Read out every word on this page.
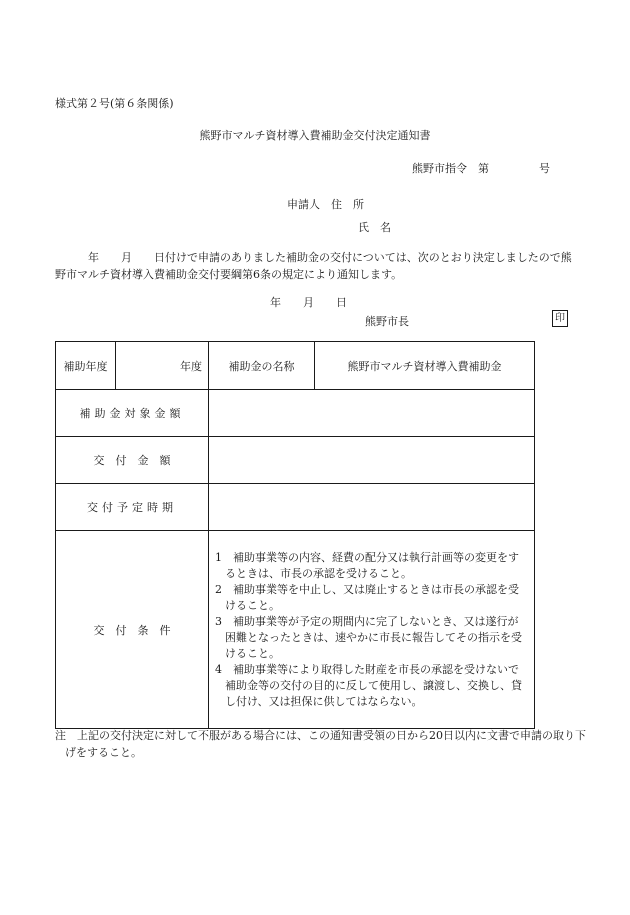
様式第２号(第６条関係)
熊野市マルチ資材導入費補助金交付決定通知書
熊野市指令　第	号
申請人　住　所
氏　名
　　　年　　月　　日付けで申請のありました補助金の交付については、次のとおり決定しましたので熊野市マルチ資材導入費補助金交付要綱第6条の規定により通知します。
年　　月　　日
熊野市長	印
補助年度	年度	補助金の名称	熊野市マルチ資材導入費補助金
補助金対象金額			
交　付　金　額			
交付予定時期			
交　付　条　件		1　補助事業等の内容、経費の配分又は執行計画等の変更をするときは、市長の承認を受けること。
2　補助事業等を中止し、又は廃止するときは市長の承認を受けること。
3　補助事業等が予定の期間内に完了しないとき、又は遂行が困難となったときは、速やかに市長に報告してその指示を受けること。
4　補助事業等により取得した財産を市長の承認を受けないで補助金等の交付の目的に反して使用し、譲渡し、交換し、貸し付け、又は担保に供してはならない。	
注　上記の交付決定に対して不服がある場合には、この通知書受領の日から20日以内に文書で申請の取り下げをすること。
